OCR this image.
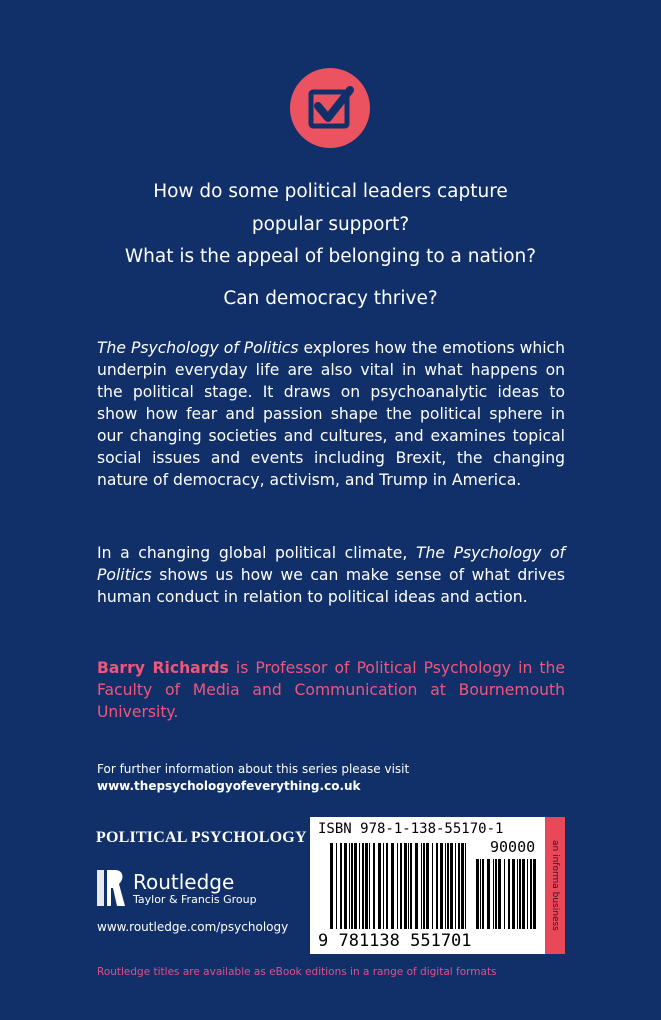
How do some political leaders capture
popular support?
What is the appeal of belonging to a nation?
Can democracy thrive?
The Psychology of Politics explores how the emotions which underpin everyday life are also vital in what happens on the political stage. It draws on psychoanalytic ideas to show how fear and passion shape the political sphere in our changing societies and cultures, and examines topical social issues and events including Brexit, the changing nature of democracy, activism, and Trump in America.
In a changing global political climate, The Psychology of Politics shows us how we can make sense of what drives human conduct in relation to political ideas and action.
Barry Richards is Professor of Political Psychology in the Faculty of Media and Communication at Bournemouth University.
For further information about this series please visit
www.thepsychologyofeverything.co.uk
POLITICAL PSYCHOLOGY
Routledge
Taylor & Francis Group
www.routledge.com/psychology
ISBN 978-1-138-55170-1
9 781138 551701
an informa business
90000
Routledge titles are available as eBook editions in a range of digital formats
